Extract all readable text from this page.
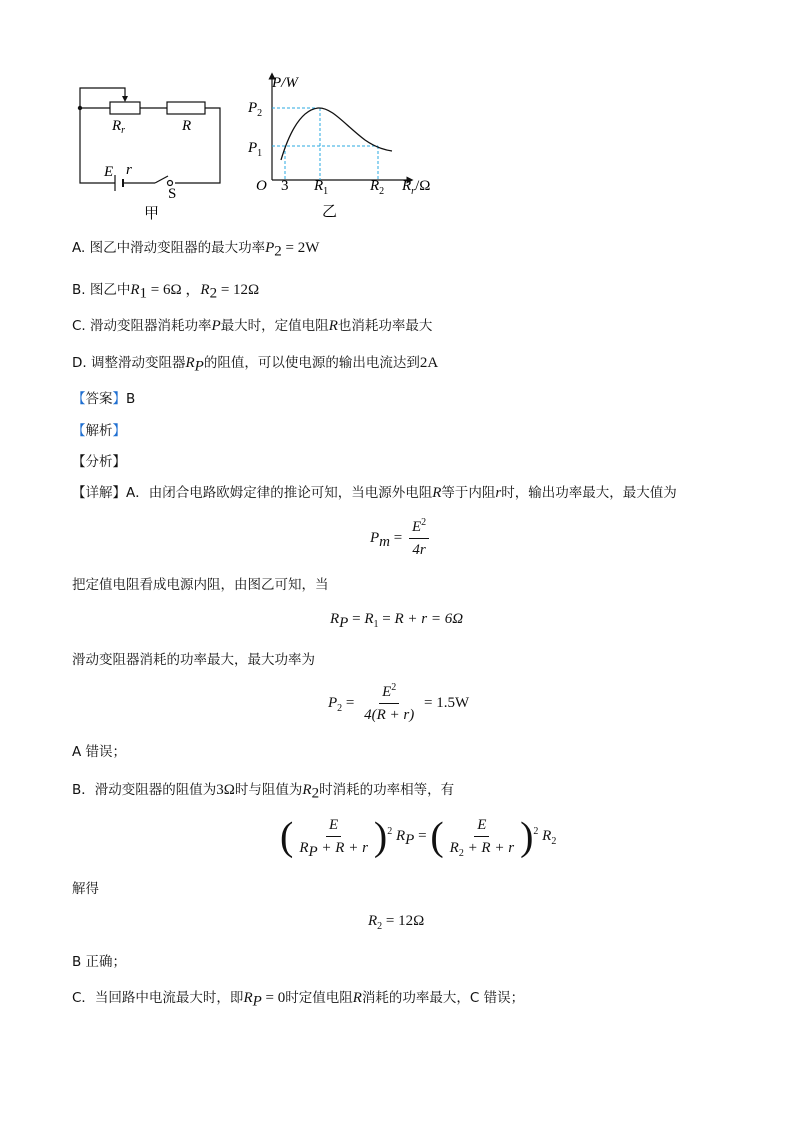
$R_r$	R
E r
S
甲
P/W
$P_2$
$P_1$
O 3 $R_1$	$R_2$ $R_r/\Omega$
乙
A. 图乙中滑动变阻器的最大功率$P_2 = 2W$
B. 图乙中$R_1 = 6\Omega$ ，$R_2 = 12\Omega$
C. 滑动变阻器消耗功率P最大时，定值电阻R也消耗功率最大
D. 调整滑动变阻器$R_P$的阻值，可以使电源的输出电流达到2A
【答案】B
【解析】
【分析】
【详解】A．由闭合电路欧姆定律的推论可知，当电源外电阻R等于内阻r时，输出功率最大，最大值为
$P_m = \frac{E^2}{4r}$
把定值电阻看成电源内阻，由图乙可知，当
$R_P = R_1 = R + r = 6\Omega$
滑动变阻器消耗的功率最大，最大功率为
$P_2 = \frac{E^2}{4(R + r)} = 1.5W$
A 错误；
B．滑动变阻器的阻值为3Ω时与阻值为$R_2$时消耗的功率相等，有
( $\frac{E}{R_P + R + r} )^2$ $R_P$ = ( $\frac{E}{R_2 + R + r} )^2$ $R_2$
解得
$R_2 = 12\Omega$
B 正确；
C．当回路中电流最大时，即$R_P = 0$时定值电阻R消耗的功率最大，C 错误；
